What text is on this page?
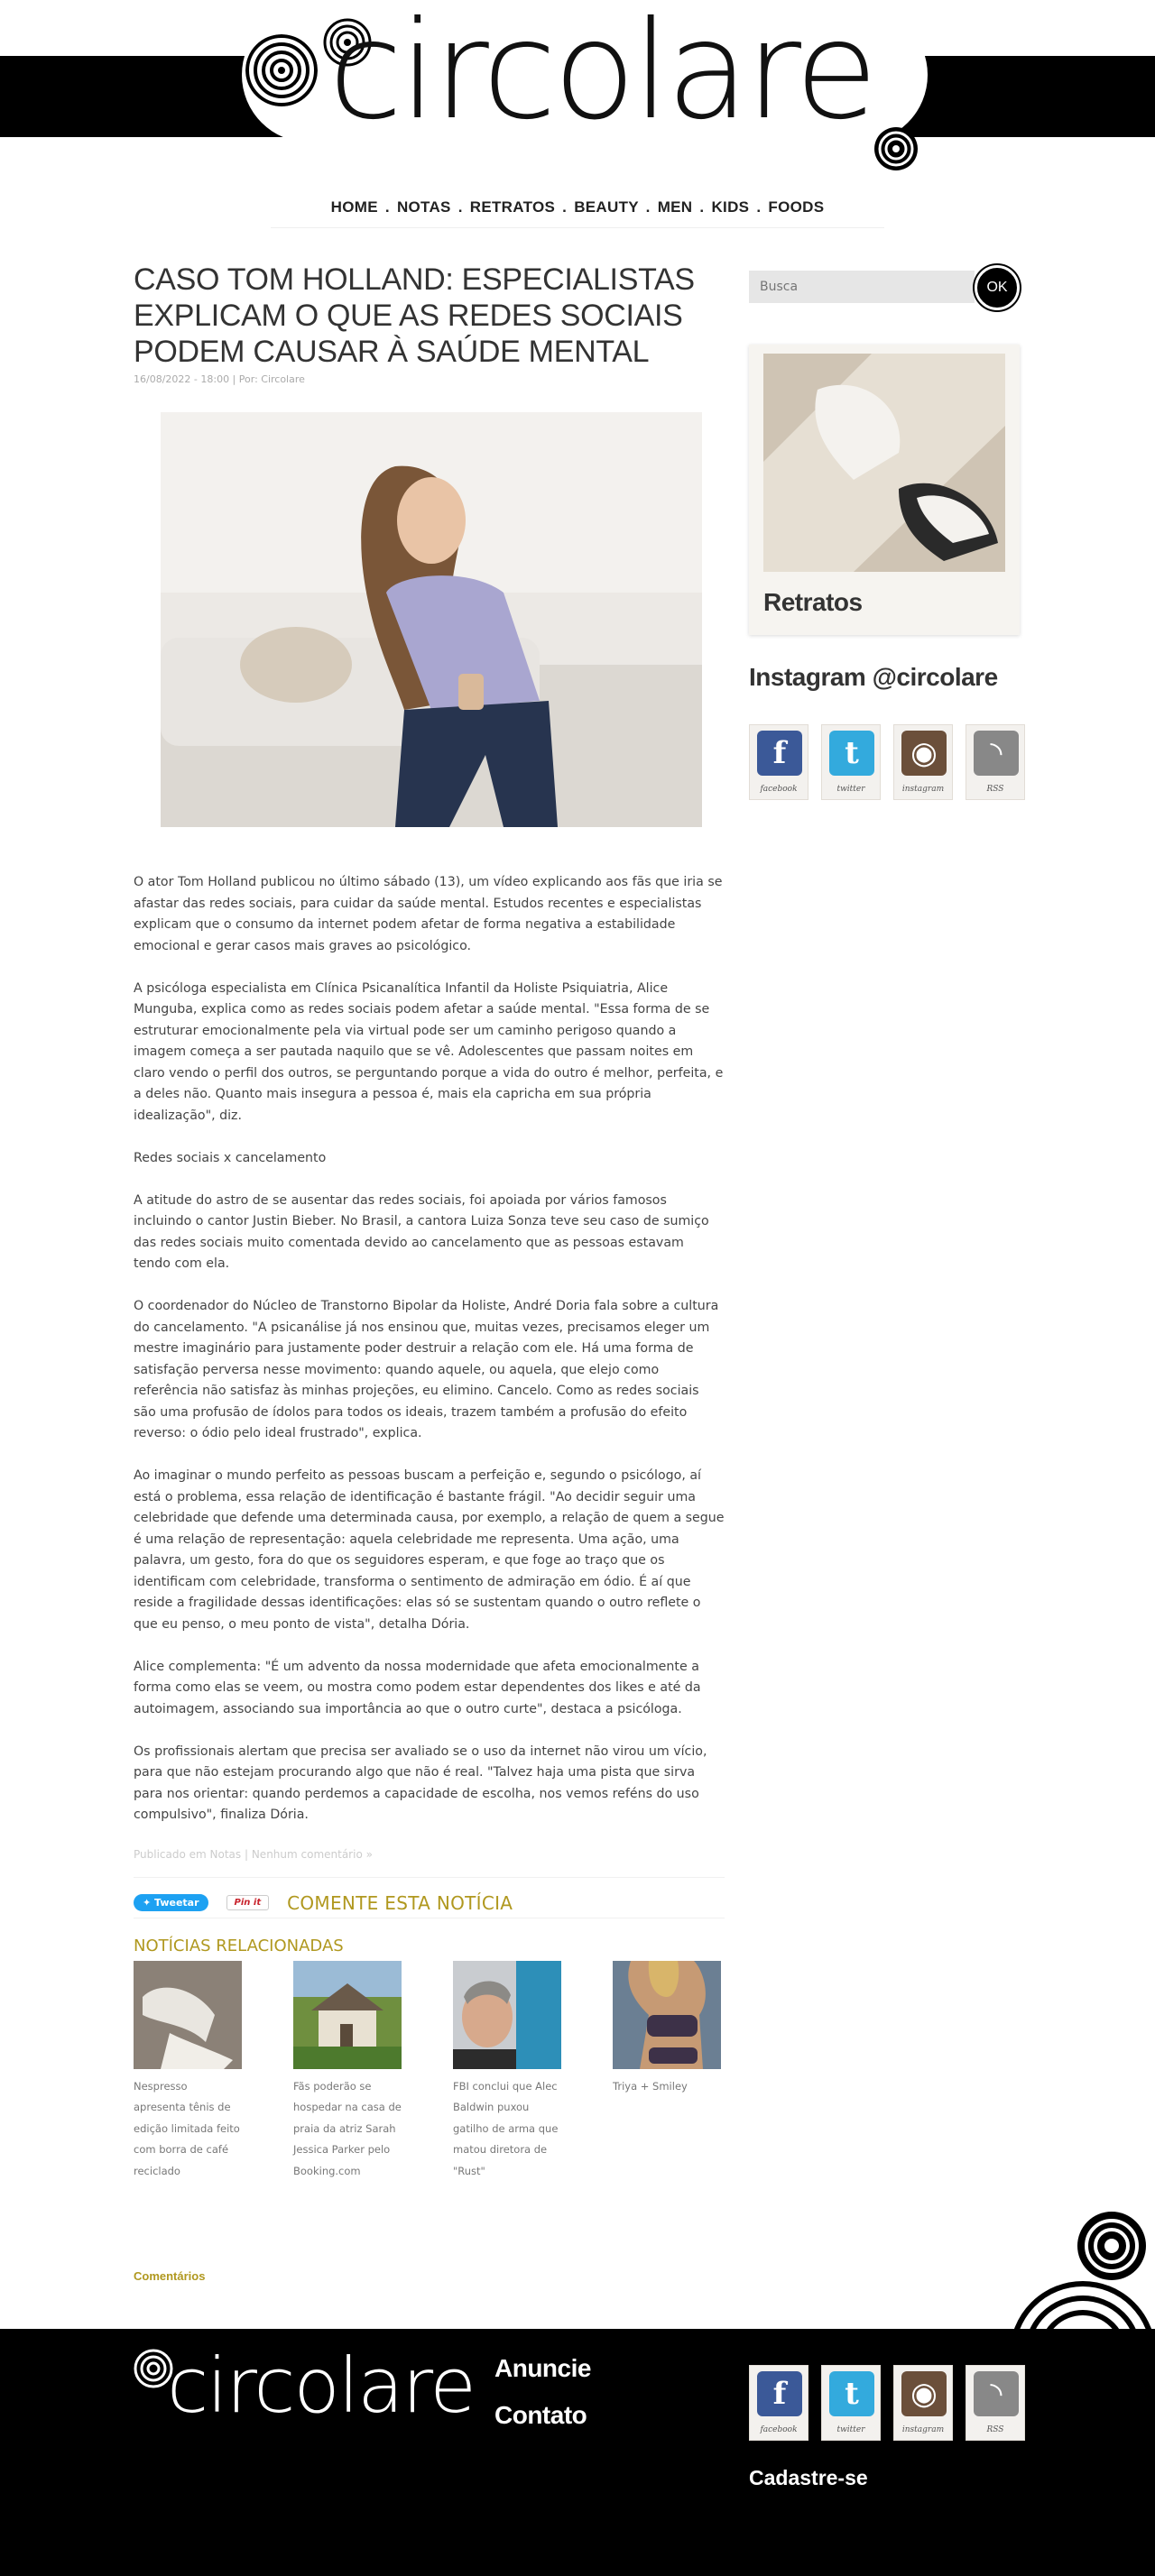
circolare
HOME . NOTAS . RETRATOS . BEAUTY . MEN . KIDS . FOODS
CASO TOM HOLLAND: ESPECIALISTAS EXPLICAM O QUE AS REDES SOCIAIS PODEM CAUSAR À SAÚDE MENTAL
16/08/2022 - 18:00 | Por: Circolare

O ator Tom Holland publicou no último sábado (13), um vídeo explicando aos fãs que iria se afastar das redes sociais, para cuidar da saúde mental. Estudos recentes e especialistas explicam que o consumo da internet podem afetar de forma negativa a estabilidade emocional e gerar casos mais graves ao psicológico.

A psicóloga especialista em Clínica Psicanalítica Infantil da Holiste Psiquiatria, Alice Munguba, explica como as redes sociais podem afetar a saúde mental. "Essa forma de se estruturar emocionalmente pela via virtual pode ser um caminho perigoso quando a imagem começa a ser pautada naquilo que se vê. Adolescentes que passam noites em claro vendo o perfil dos outros, se perguntando porque a vida do outro é melhor, perfeita, e a deles não. Quanto mais insegura a pessoa é, mais ela capricha em sua própria idealização", diz.

Redes sociais x cancelamento

A atitude do astro de se ausentar das redes sociais, foi apoiada por vários famosos incluindo o cantor Justin Bieber. No Brasil, a cantora Luiza Sonza teve seu caso de sumiço das redes sociais muito comentada devido ao cancelamento que as pessoas estavam tendo com ela.

O coordenador do Núcleo de Transtorno Bipolar da Holiste, André Doria fala sobre a cultura do cancelamento. "A psicanálise já nos ensinou que, muitas vezes, precisamos eleger um mestre imaginário para justamente poder destruir a relação com ele. Há uma forma de satisfação perversa nesse movimento: quando aquele, ou aquela, que elejo como referência não satisfaz às minhas projeções, eu elimino. Cancelo. Como as redes sociais são uma profusão de ídolos para todos os ideais, trazem também a profusão do efeito reverso: o ódio pelo ideal frustrado", explica.

Ao imaginar o mundo perfeito as pessoas buscam a perfeição e, segundo o psicólogo, aí está o problema, essa relação de identificação é bastante frágil. "Ao decidir seguir uma celebridade que defende uma determinada causa, por exemplo, a relação de quem a segue é uma relação de representação: aquela celebridade me representa. Uma ação, uma palavra, um gesto, fora do que os seguidores esperam, e que foge ao traço que os identificam com celebridade, transforma o sentimento de admiração em ódio. É aí que reside a fragilidade dessas identificações: elas só se sustentam quando o outro reflete o que eu penso, o meu ponto de vista", detalha Dória.

Alice complementa: "É um advento da nossa modernidade que afeta emocionalmente a forma como elas se veem, ou mostra como podem estar dependentes dos likes e até da autoimagem, associando sua importância ao que o outro curte", destaca a psicóloga.

Os profissionais alertam que precisa ser avaliado se o uso da internet não virou um vício, para que não estejam procurando algo que não é real. "Talvez haja uma pista que sirva para nos orientar: quando perdemos a capacidade de escolha, nos vemos reféns do uso compulsivo", finaliza Dória.

Publicado em Notas | Nenhum comentário »
✦ Tweetar	Pin it	COMENTE ESTA NOTÍCIA
NOTÍCIAS RELACIONADAS
Nespresso apresenta tênis de edição limitada feito com borra de café reciclado
Fãs poderão se hospedar na casa de praia da atriz Sarah Jessica Parker pelo Booking.com
FBI conclui que Alec Baldwin puxou gatilho de arma que matou diretora de "Rust"
Triya + Smiley
Comentários
Busca
OK
Retratos
Instagram @circolare
f
facebook
t
twitter
◉
instagram
◝
RSS
circolare Anuncie
Contato
f
facebook
t
twitter
◉
instagram
◝
RSS
Cadastre-se
